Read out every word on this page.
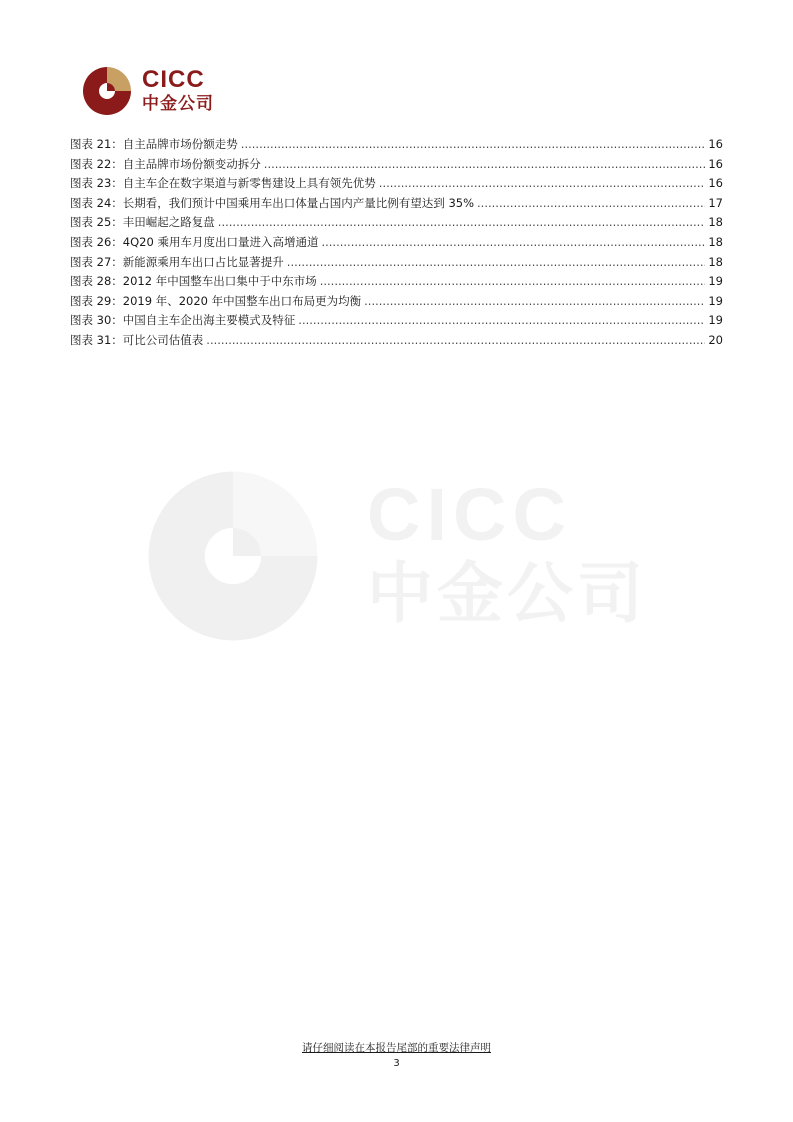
CICC
中金公司
图表 21： 自主品牌市场份额走势 .....	16
图表 22： 自主品牌市场份额变动拆分 .....	16
图表 23： 自主车企在数字渠道与新零售建设上具有领先优势 .....	16
图表 24： 长期看，我们预计中国乘用车出口体量占国内产量比例有望达到 35% .....	17
图表 25： 丰田崛起之路复盘 .....	18
图表 26： 4Q20 乘用车月度出口量进入高增通道 .....	18
图表 27： 新能源乘用车出口占比显著提升 .....	18
图表 28： 2012 年中国整车出口集中于中东市场 .....	19
图表 29： 2019 年、2020 年中国整车出口布局更为均衡 .....	19
图表 30： 中国自主车企出海主要模式及特征 .....	19
图表 31： 可比公司估值表 .....	20
CICC
中金公司
请仔细阅读在本报告尾部的重要法律声明
3
